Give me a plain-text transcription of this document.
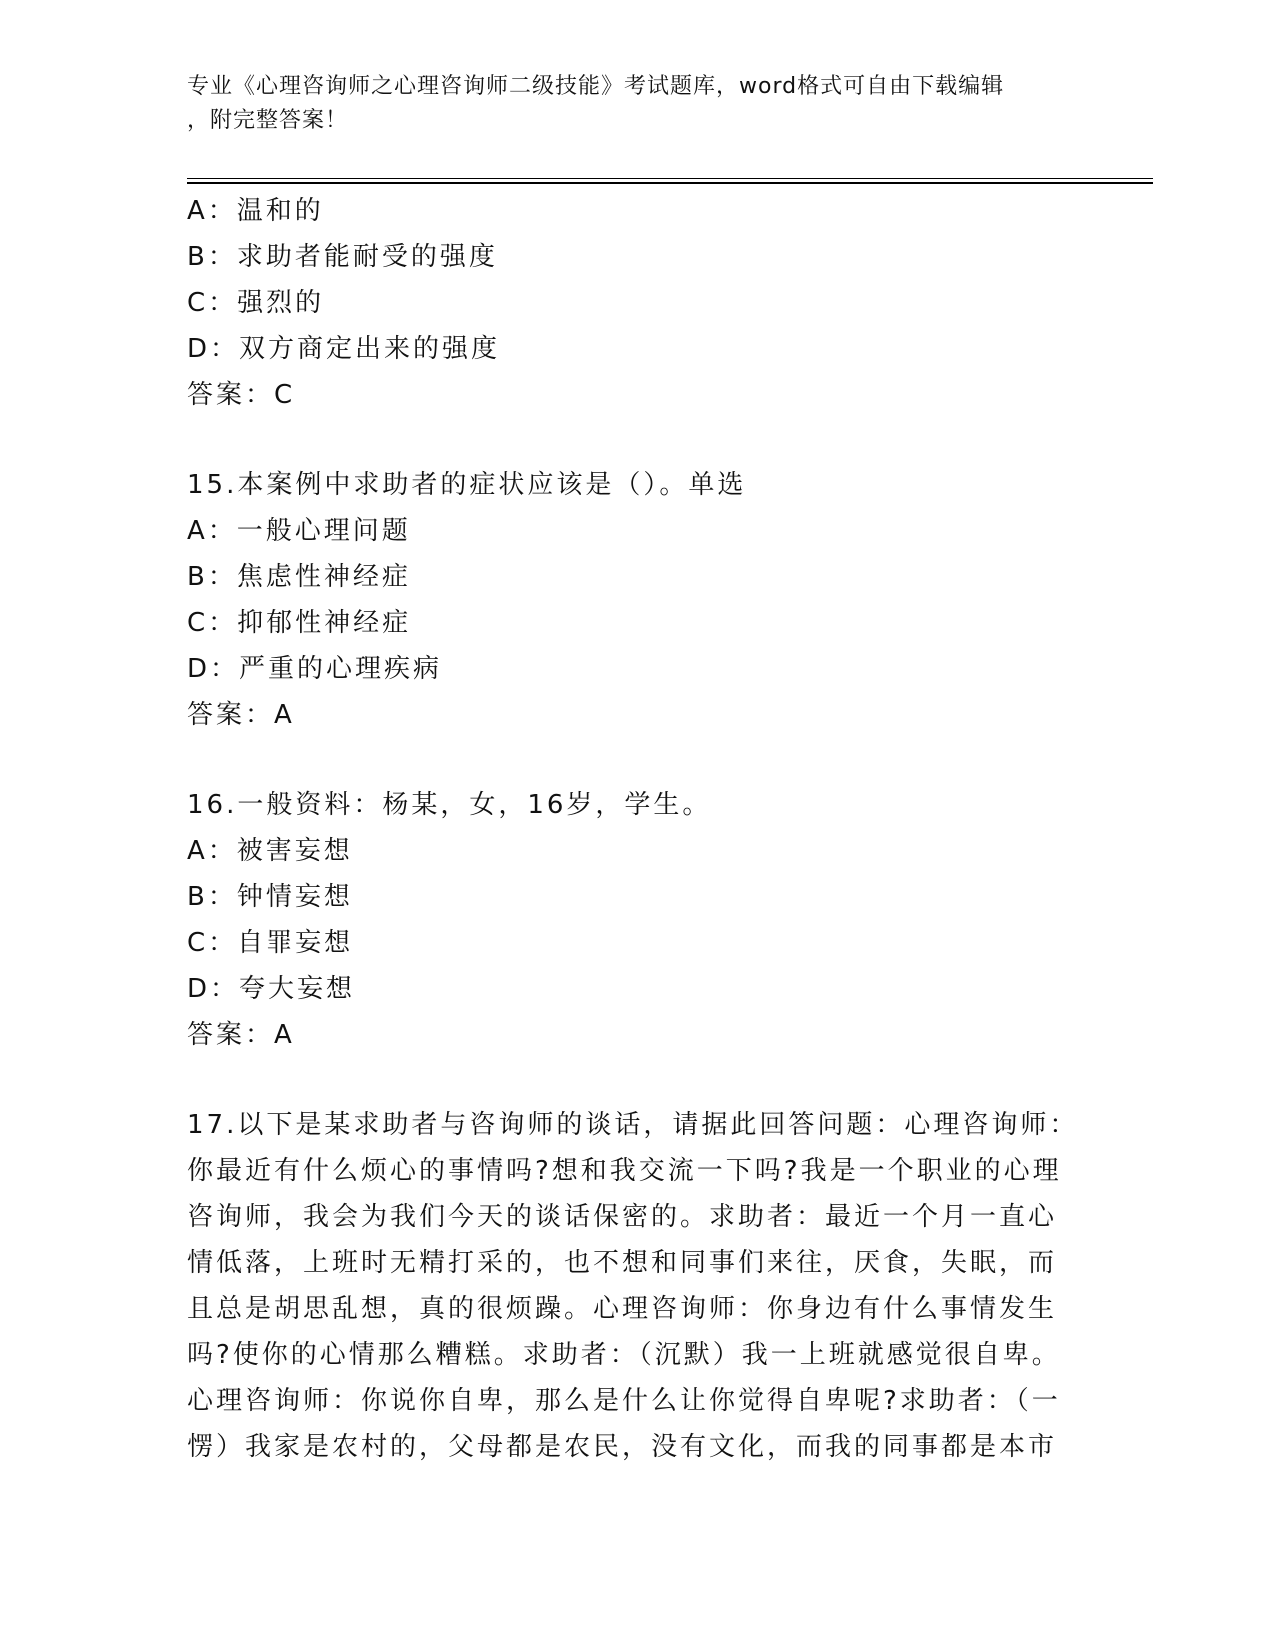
专业《心理咨询师之心理咨询师二级技能》考试题库，word格式可自由下载编辑
，附完整答案！
A：温和的
B：求助者能耐受的强度
C：强烈的
D：双方商定出来的强度
答案：C
15.本案例中求助者的症状应该是（）。单选
A：一般心理问题
B：焦虑性神经症
C：抑郁性神经症
D：严重的心理疾病
答案：A
16.一般资料：杨某，女，16岁，学生。
A：被害妄想
B：钟情妄想
C：自罪妄想
D：夸大妄想
答案：A
17.以下是某求助者与咨询师的谈话，请据此回答问题：心理咨询师：
你最近有什么烦心的事情吗?想和我交流一下吗?我是一个职业的心理
咨询师，我会为我们今天的谈话保密的。求助者：最近一个月一直心
情低落，上班时无精打采的，也不想和同事们来往，厌食，失眠，而
且总是胡思乱想，真的很烦躁。心理咨询师：你身边有什么事情发生
吗?使你的心情那么糟糕。求助者：（沉默）我一上班就感觉很自卑。
心理咨询师：你说你自卑，那么是什么让你觉得自卑呢?求助者：（一
愣）我家是农村的，父母都是农民，没有文化，而我的同事都是本市
